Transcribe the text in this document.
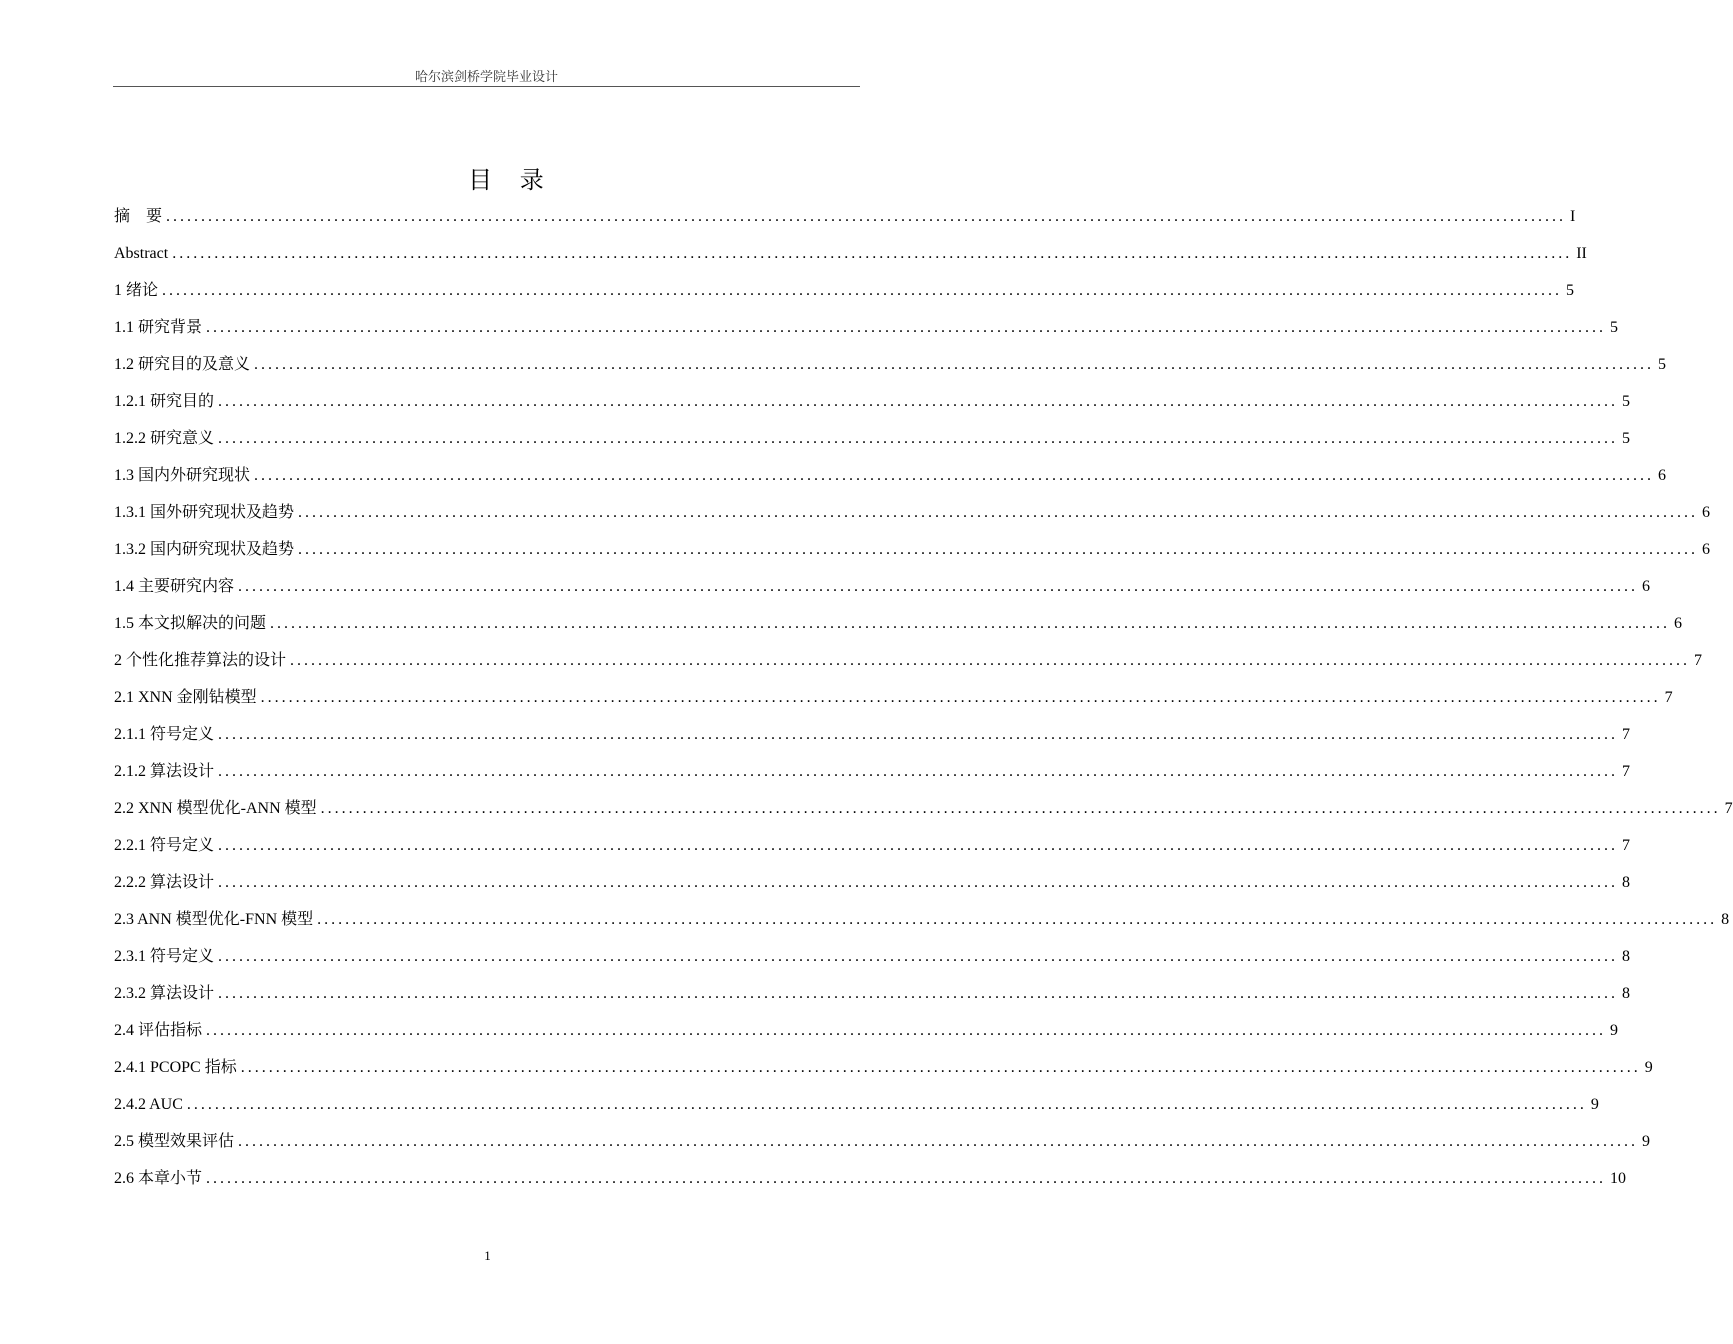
哈尔滨剑桥学院毕业设计
目 录
摘　要 ........................................................................................................................................................................................................ I
Abstract ........................................................................................................................................................................................................ II
1 绪论 ........................................................................................................................................................................................................ 5
1.1 研究背景 ........................................................................................................................................................................................................ 5
1.2 研究目的及意义 ........................................................................................................................................................................................................ 5
1.2.1 研究目的 ........................................................................................................................................................................................................ 5
1.2.2 研究意义 ........................................................................................................................................................................................................ 5
1.3 国内外研究现状 ........................................................................................................................................................................................................ 6
1.3.1 国外研究现状及趋势 ........................................................................................................................................................................................................ 6
1.3.2 国内研究现状及趋势 ........................................................................................................................................................................................................ 6
1.4 主要研究内容 ........................................................................................................................................................................................................ 6
1.5 本文拟解决的问题 ........................................................................................................................................................................................................ 6
2 个性化推荐算法的设计 ........................................................................................................................................................................................................ 7
2.1 XNN 金刚钻模型 ........................................................................................................................................................................................................ 7
2.1.1 符号定义 ........................................................................................................................................................................................................ 7
2.1.2 算法设计 ........................................................................................................................................................................................................ 7
2.2 XNN 模型优化-ANN 模型 ........................................................................................................................................................................................................ 7
2.2.1 符号定义 ........................................................................................................................................................................................................ 7
2.2.2 算法设计 ........................................................................................................................................................................................................ 8
2.3 ANN 模型优化-FNN 模型 ........................................................................................................................................................................................................ 8
2.3.1 符号定义 ........................................................................................................................................................................................................ 8
2.3.2 算法设计 ........................................................................................................................................................................................................ 8
2.4 评估指标 ........................................................................................................................................................................................................ 9
2.4.1 PCOPC 指标 ........................................................................................................................................................................................................ 9
2.4.2 AUC ........................................................................................................................................................................................................ 9
2.5 模型效果评估 ........................................................................................................................................................................................................ 9
2.6 本章小节 ........................................................................................................................................................................................................ 10
1
